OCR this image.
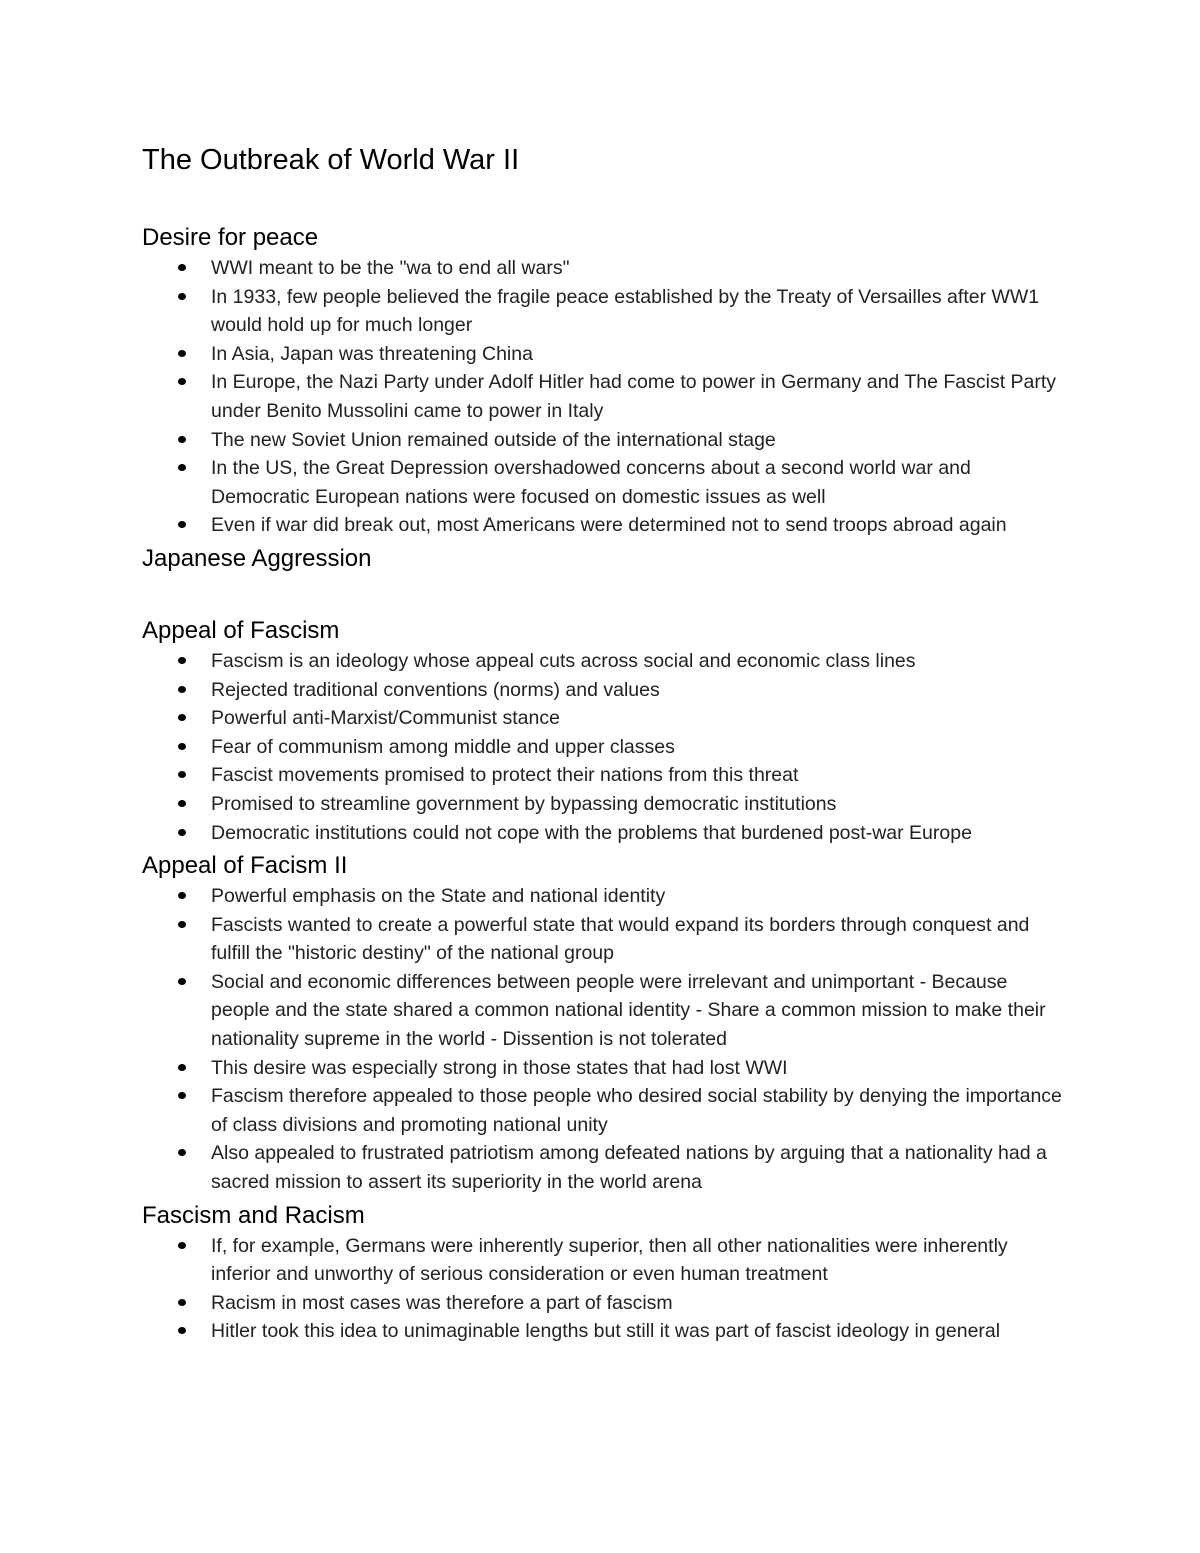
The Outbreak of World War II
Desire for peace
WWI meant to be the "wa to end all wars"
In 1933, few people believed the fragile peace established by the Treaty of Versailles after WW1 would hold up for much longer
In Asia, Japan was threatening China
In Europe, the Nazi Party under Adolf Hitler had come to power in Germany and The Fascist Party under Benito Mussolini came to power in Italy
The new Soviet Union remained outside of the international stage
In the US, the Great Depression overshadowed concerns about a second world war and Democratic European nations were focused on domestic issues as well
Even if war did break out, most Americans were determined not to send troops abroad again
Japanese Aggression
Appeal of Fascism
Fascism is an ideology whose appeal cuts across social and economic class lines
Rejected traditional conventions (norms) and values
Powerful anti-Marxist/Communist stance
Fear of communism among middle and upper classes
Fascist movements promised to protect their nations from this threat
Promised to streamline government by bypassing democratic institutions
Democratic institutions could not cope with the problems that burdened post-war Europe
Appeal of Facism II
Powerful emphasis on the State and national identity
Fascists wanted to create a powerful state that would expand its borders through conquest and fulfill the "historic destiny" of the national group
Social and economic differences between people were irrelevant and unimportant - Because people and the state shared a common national identity - Share a common mission to make their nationality supreme in the world - Dissention is not tolerated
This desire was especially strong in those states that had lost WWI
Fascism therefore appealed to those people who desired social stability by denying the importance of class divisions and promoting national unity
Also appealed to frustrated patriotism among defeated nations by arguing that a nationality had a sacred mission to assert its superiority in the world arena
Fascism and Racism
If, for example, Germans were inherently superior, then all other nationalities were inherently inferior and unworthy of serious consideration or even human treatment
Racism in most cases was therefore a part of fascism
Hitler took this idea to unimaginable lengths but still it was part of fascist ideology in general
